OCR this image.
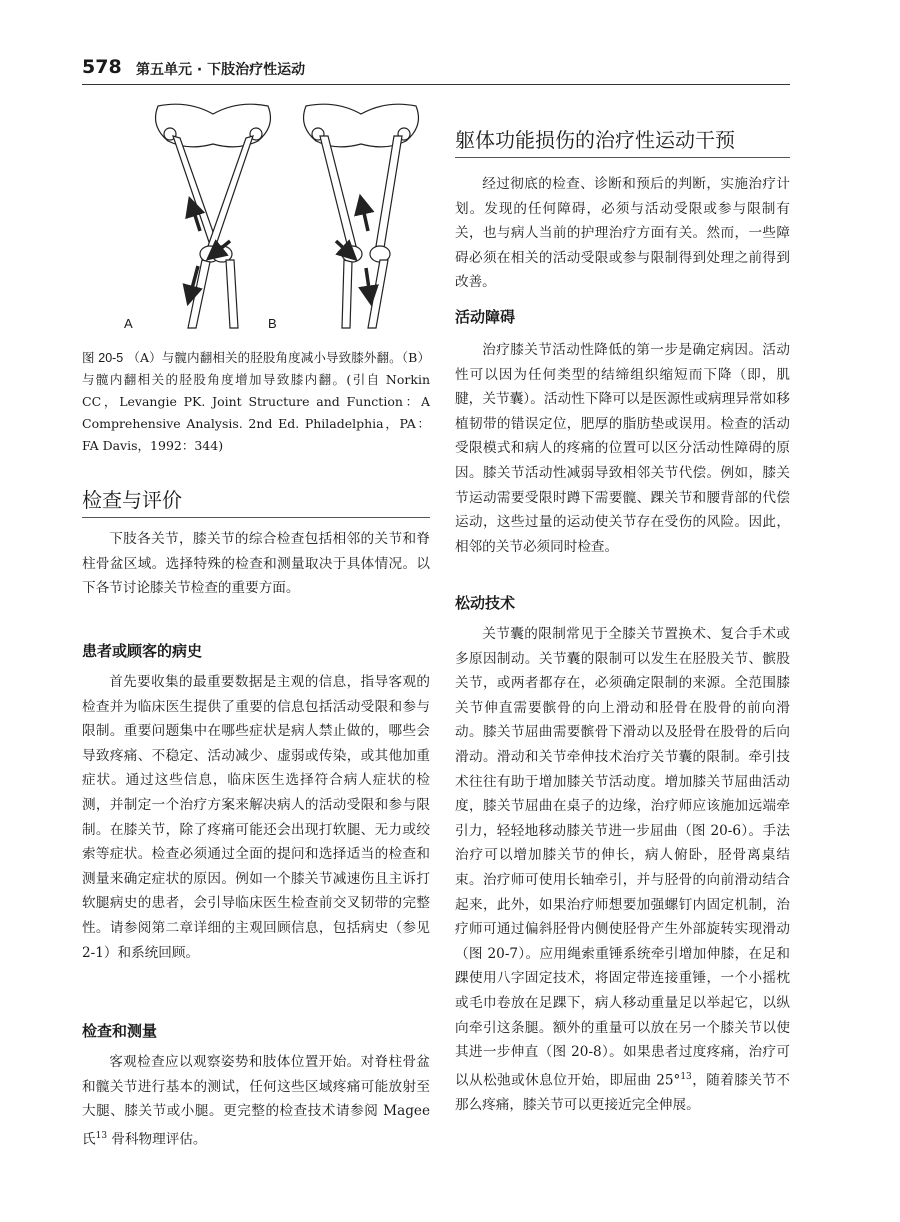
578 第五单元 · 下肢治疗性运动
A	B
图 20-5 （A）与髋内翻相关的胫股角度减小导致膝外翻。（B）与髋内翻相关的胫股角度增加导致膝内翻。(引自 Norkin CC，Levangie PK. Joint Structure and Function：A Comprehensive Analysis. 2nd Ed. Philadelphia，PA：FA Davis，1992：344)
检查与评价

下肢各关节，膝关节的综合检查包括相邻的关节和脊柱骨盆区域。选择特殊的检查和测量取决于具体情况。以下各节讨论膝关节检查的重要方面。

患者或顾客的病史

首先要收集的最重要数据是主观的信息，指导客观的检查并为临床医生提供了重要的信息包括活动受限和参与限制。重要问题集中在哪些症状是病人禁止做的，哪些会导致疼痛、不稳定、活动减少、虚弱或传染，或其他加重症状。通过这些信息，临床医生选择符合病人症状的检测，并制定一个治疗方案来解决病人的活动受限和参与限制。在膝关节，除了疼痛可能还会出现打软腿、无力或绞索等症状。检查必须通过全面的提问和选择适当的检查和测量来确定症状的原因。例如一个膝关节减速伤且主诉打软腿病史的患者，会引导临床医生检查前交叉韧带的完整性。请参阅第二章详细的主观回顾信息，包括病史（参见 2-1）和系统回顾。

检查和测量

客观检查应以观察姿势和肢体位置开始。对脊柱骨盆和髋关节进行基本的测试，任何这些区域疼痛可能放射至大腿、膝关节或小腿。更完整的检查技术请参阅 Magee 氏$^{13}$ 骨科物理评估。

躯体功能损伤的治疗性运动干预

经过彻底的检查、诊断和预后的判断，实施治疗计划。发现的任何障碍，必须与活动受限或参与限制有关，也与病人当前的护理治疗方面有关。然而，一些障碍必须在相关的活动受限或参与限制得到处理之前得到改善。

活动障碍

治疗膝关节活动性降低的第一步是确定病因。活动性可以因为任何类型的结缔组织缩短而下降（即，肌腱，关节囊）。活动性下降可以是医源性或病理异常如移植韧带的错误定位，肥厚的脂肪垫或误用。检查的活动受限模式和病人的疼痛的位置可以区分活动性障碍的原因。膝关节活动性减弱导致相邻关节代偿。例如，膝关节运动需要受限时蹲下需要髋、踝关节和腰背部的代偿运动，这些过量的运动使关节存在受伤的风险。因此，相邻的关节必须同时检查。

松动技术

关节囊的限制常见于全膝关节置换术、复合手术或多原因制动。关节囊的限制可以发生在胫股关节、髌股关节，或两者都存在，必须确定限制的来源。全范围膝关节伸直需要髌骨的向上滑动和胫骨在股骨的前向滑动。膝关节屈曲需要髌骨下滑动以及胫骨在股骨的后向滑动。滑动和关节牵伸技术治疗关节囊的限制。牵引技术往往有助于增加膝关节活动度。增加膝关节屈曲活动度，膝关节屈曲在桌子的边缘，治疗师应该施加远端牵引力，轻轻地移动膝关节进一步屈曲（图 20-6）。手法治疗可以增加膝关节的伸长，病人俯卧，胫骨离桌结束。治疗师可使用长轴牵引，并与胫骨的向前滑动结合起来，此外，如果治疗师想要加强螺钉内固定机制，治疗师可通过偏斜胫骨内侧使胫骨产生外部旋转实现滑动（图 20-7）。应用绳索重锤系统牵引增加伸膝，在足和踝使用八字固定技术，将固定带连接重锤，一个小摇枕或毛巾卷放在足踝下，病人移动重量足以举起它，以纵向牵引这条腿。额外的重量可以放在另一个膝关节以使其进一步伸直（图 20-8）。如果患者过度疼痛，治疗可以从松弛或休息位开始，即屈曲 25°$^{13}$，随着膝关节不那么疼痛，膝关节可以更接近完全伸展。
